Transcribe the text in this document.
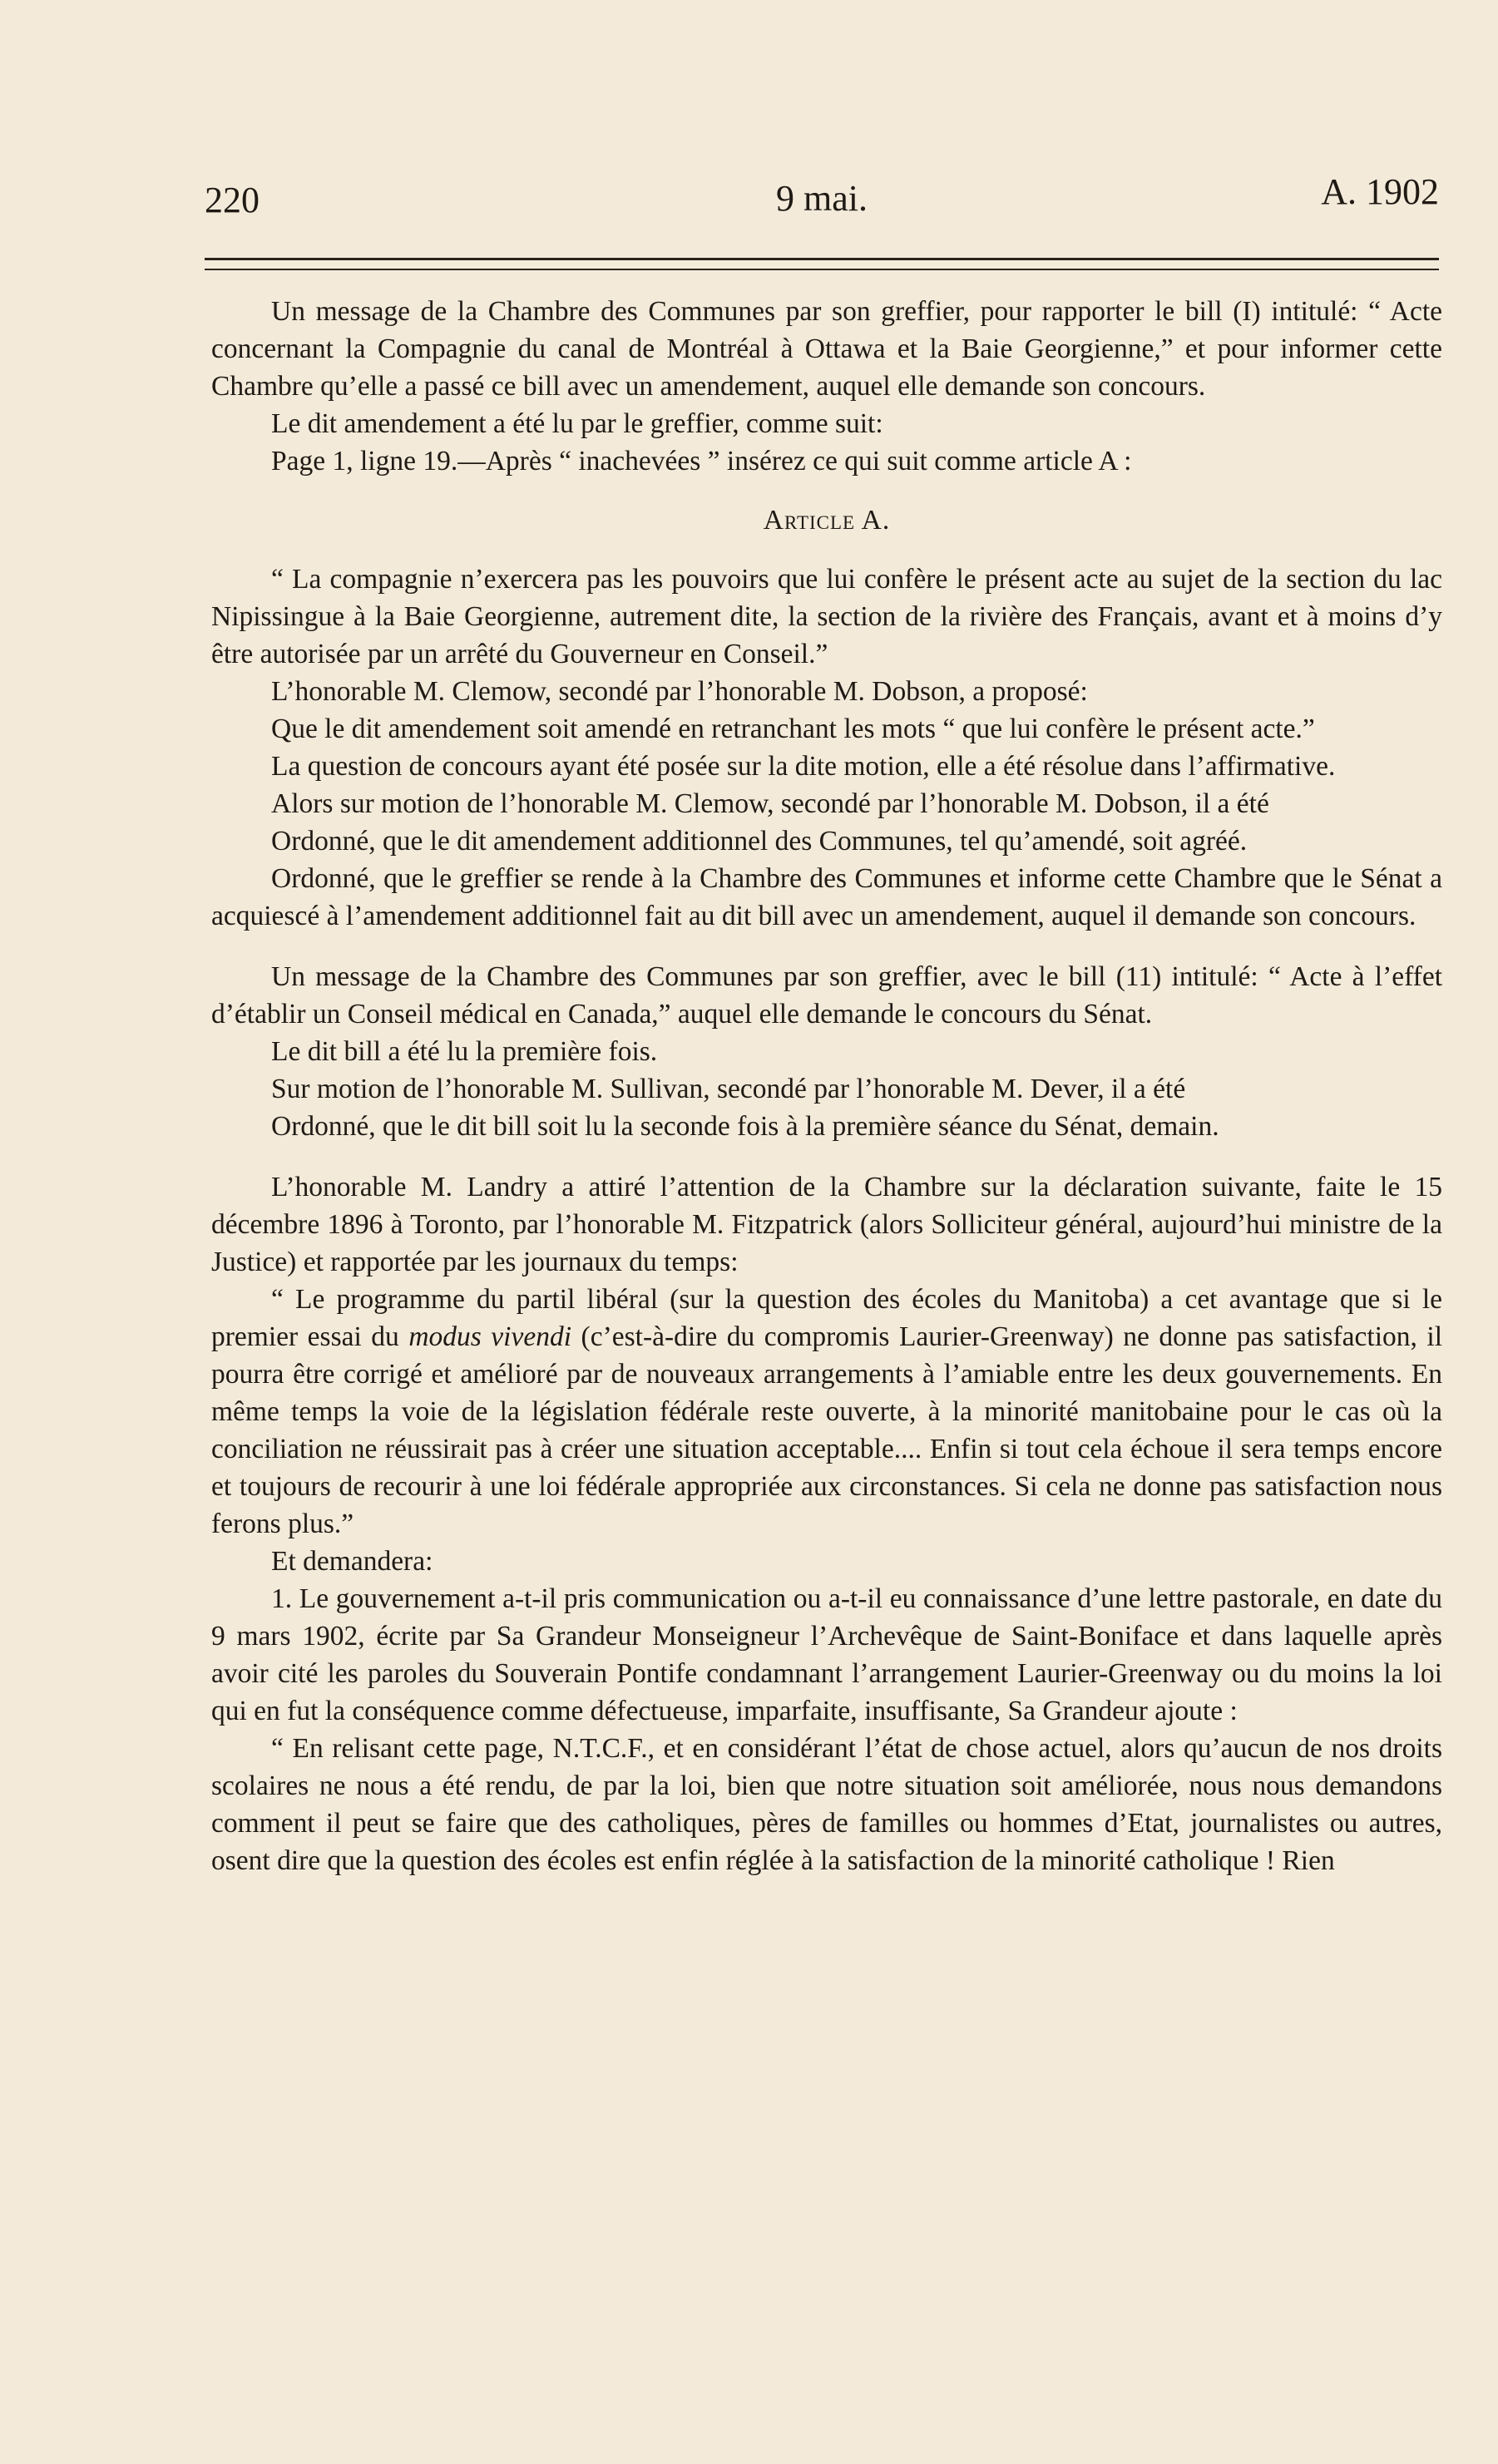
220	9 mai.	A. 1902

Un message de la Chambre des Communes par son greffier, pour rapporter le bill (I) intitulé: “ Acte concernant la Compagnie du canal de Montréal à Ottawa et la Baie Georgienne,” et pour informer cette Chambre qu’elle a passé ce bill avec un amendement, auquel elle demande son concours.

Le dit amendement a été lu par le greffier, comme suit:

Page 1, ligne 19.—Après “ inachevées ” insérez ce qui suit comme article A :

Article A.

“ La compagnie n’exercera pas les pouvoirs que lui confère le présent acte au sujet de la section du lac Nipissingue à la Baie Georgienne, autrement dite, la section de la rivière des Français, avant et à moins d’y être autorisée par un arrêté du Gouverneur en Conseil.”

L’honorable M. Clemow, secondé par l’honorable M. Dobson, a proposé:

Que le dit amendement soit amendé en retranchant les mots “ que lui confère le présent acte.”

La question de concours ayant été posée sur la dite motion, elle a été résolue dans l’affirmative.

Alors sur motion de l’honorable M. Clemow, secondé par l’honorable M. Dobson, il a été

Ordonné, que le dit amendement additionnel des Communes, tel qu’amendé, soit agréé.

Ordonné, que le greffier se rende à la Chambre des Communes et informe cette Chambre que le Sénat a acquiescé à l’amendement additionnel fait au dit bill avec un amendement, auquel il demande son concours.

Un message de la Chambre des Communes par son greffier, avec le bill (11) intitulé: “ Acte à l’effet d’établir un Conseil médical en Canada,” auquel elle demande le concours du Sénat.

Le dit bill a été lu la première fois.

Sur motion de l’honorable M. Sullivan, secondé par l’honorable M. Dever, il a été

Ordonné, que le dit bill soit lu la seconde fois à la première séance du Sénat, demain.

L’honorable M. Landry a attiré l’attention de la Chambre sur la déclaration suivante, faite le 15 décembre 1896 à Toronto, par l’honorable M. Fitzpatrick (alors Solliciteur général, aujourd’hui ministre de la Justice) et rapportée par les journaux du temps:

“ Le programme du partil libéral (sur la question des écoles du Manitoba) a cet avantage que si le premier essai du modus vivendi (c’est-à-dire du compromis Laurier-Greenway) ne donne pas satisfaction, il pourra être corrigé et amélioré par de nouveaux arrangements à l’amiable entre les deux gouvernements. En même temps la voie de la législation fédérale reste ouverte, à la minorité manitobaine pour le cas où la conciliation ne réussirait pas à créer une situation acceptable.... Enfin si tout cela échoue il sera temps encore et toujours de recourir à une loi fédérale appropriée aux circonstances. Si cela ne donne pas satisfaction nous ferons plus.”

Et demandera:

1. Le gouvernement a-t-il pris communication ou a-t-il eu connaissance d’une lettre pastorale, en date du 9 mars 1902, écrite par Sa Grandeur Monseigneur l’Archevêque de Saint-Boniface et dans laquelle après avoir cité les paroles du Souverain Pontife condamnant l’arrangement Laurier-Greenway ou du moins la loi qui en fut la conséquence comme défectueuse, imparfaite, insuffisante, Sa Grandeur ajoute :

“ En relisant cette page, N.T.C.F., et en considérant l’état de chose actuel, alors qu’aucun de nos droits scolaires ne nous a été rendu, de par la loi, bien que notre situation soit améliorée, nous nous demandons comment il peut se faire que des catholiques, pères de familles ou hommes d’Etat, journalistes ou autres, osent dire que la question des écoles est enfin réglée à la satisfaction de la minorité catholique ! Rien
